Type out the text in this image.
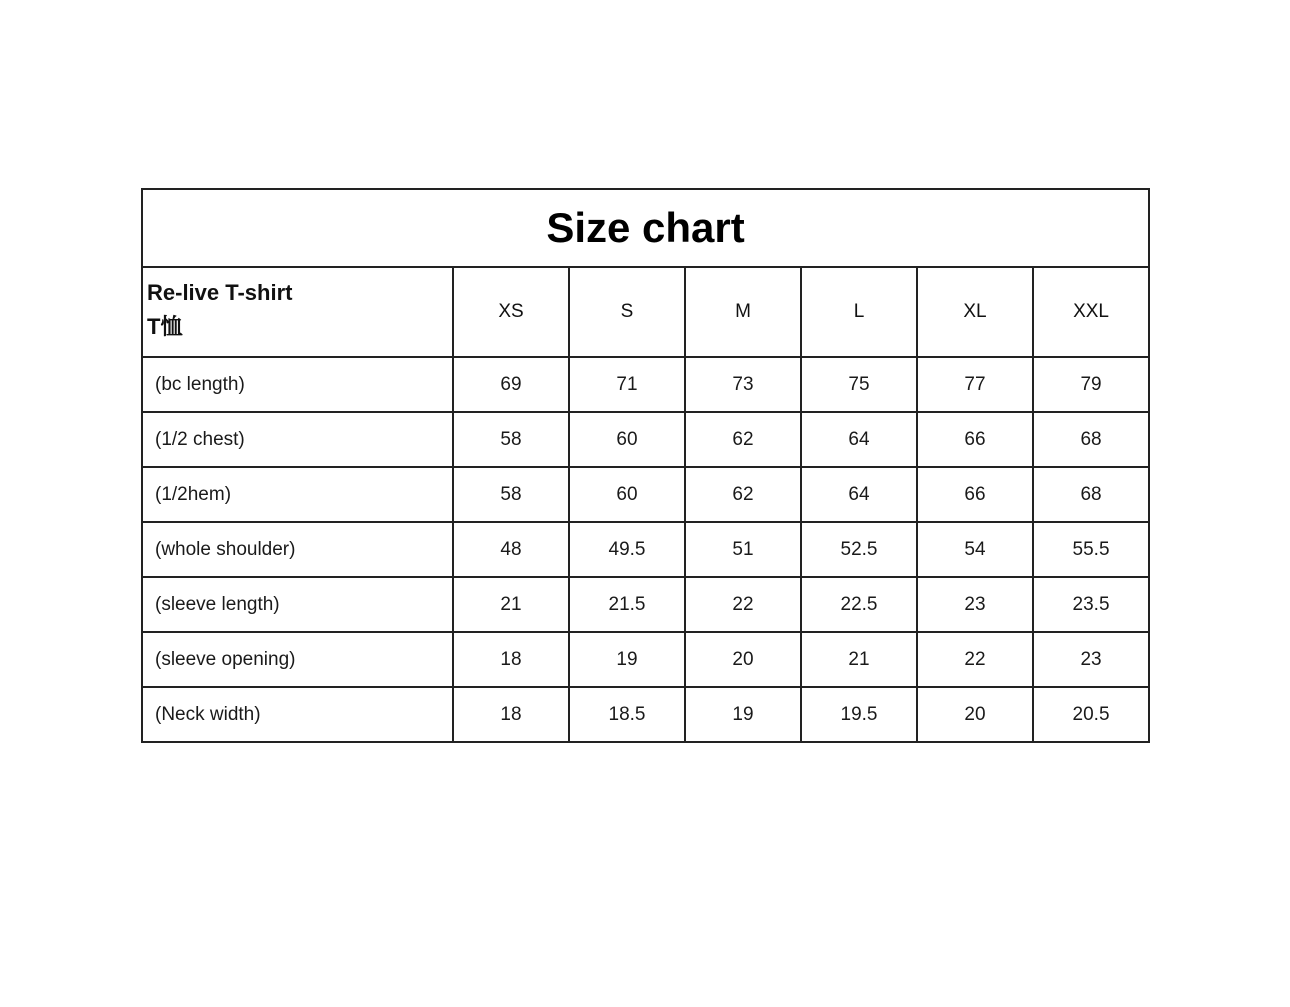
Size chart						

Re-live T-shirt
T恤	XS	S	M	L	XL	XXL
(bc length)	69	71	73	75	77	79
(1/2 chest)	58	60	62	64	66	68
(1/2hem)	58	60	62	64	66	68
(whole shoulder)	48	49.5	51	52.5	54	55.5
(sleeve length)	21	21.5	22	22.5	23	23.5
(sleeve opening)	18	19	20	21	22	23
(Neck width)	18	18.5	19	19.5	20	20.5
